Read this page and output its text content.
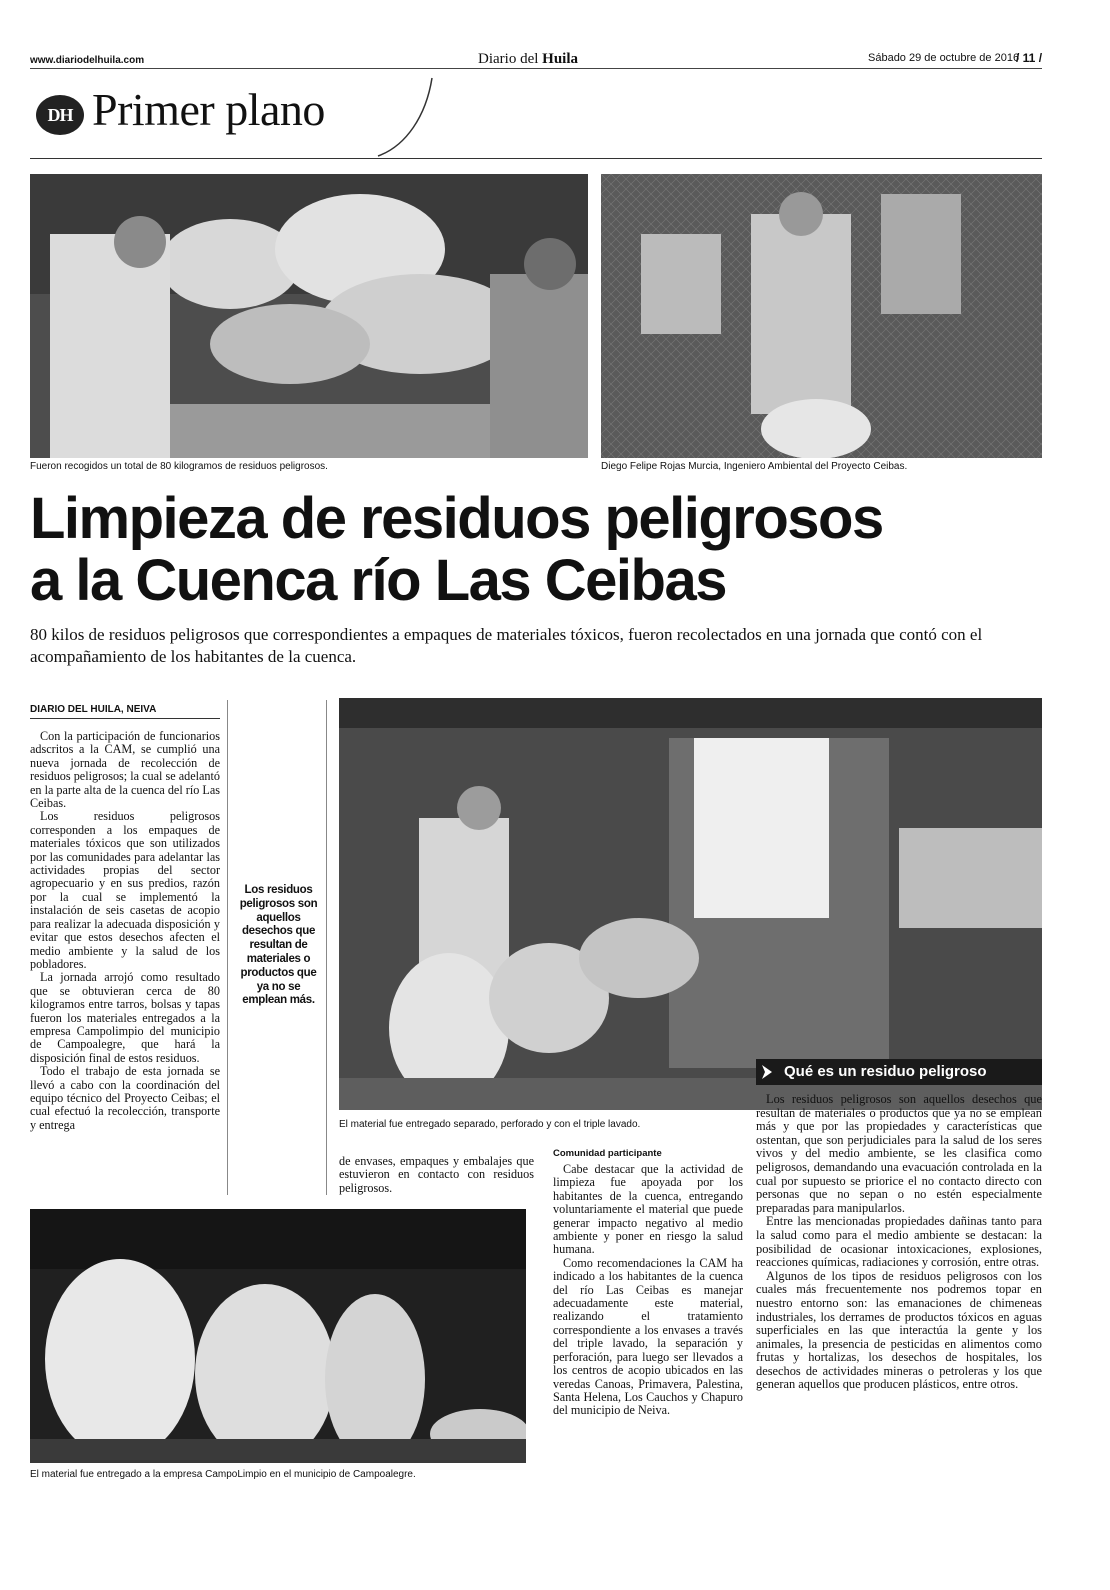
www.diariodelhuila.com	Diario del Huila	Sábado 29 de octubre de 2016
/ 11 /
DH Primer plano
Fueron recogidos un total de 80 kilogramos de residuos peligrosos.	Diego Felipe Rojas Murcia, Ingeniero Ambiental del Proyecto Ceibas.
Limpieza de residuos peligrosos
a la Cuenca río Las Ceibas
80 kilos de residuos peligrosos que correspondientes a empaques de materiales tóxicos, fueron recolectados en una jornada que contó con el acompañamiento de los habitantes de la cuenca.
DIARIO DEL HUILA, NEIVA

Con la participación de funcionarios adscritos a la CAM, se cumplió una nueva jornada de recolección de residuos peligrosos; la cual se adelantó en la parte alta de la cuenca del río Las Ceibas.

Los residuos peligrosos corresponden a los empaques de materiales tóxicos que son utilizados por las comunidades para adelantar las actividades propias del sector agropecuario y en sus predios, razón por la cual se implementó la instalación de seis casetas de acopio para realizar la adecuada disposición y evitar que estos desechos afecten el medio ambiente y la salud de los pobladores.

La jornada arrojó como resultado que se obtuvieran cerca de 80 kilogramos entre tarros, bolsas y tapas fueron los materiales entregados a la empresa Campolimpio del municipio de Campoalegre, que hará la disposición final de estos residuos.

Todo el trabajo de esta jornada se llevó a cabo con la coordinación del equipo técnico del Proyecto Ceibas; el cual efectuó la recolección, transporte y entrega

Los residuos peligrosos son aquellos desechos que resultan de materiales o productos que ya no se emplean más.
El material fue entregado separado, perforado y con el triple lavado.
Qué es un residuo peligroso

Los residuos peligrosos son aquellos desechos que resultan de materiales o productos que ya no se emplean más y que por las propiedades y características que ostentan, que son perjudiciales para la salud de los seres vivos y del medio ambiente, se les clasifica como peligrosos, demandando una evacuación controlada en la cual por supuesto se priorice el no contacto directo con personas que no sepan o no estén especialmente preparadas para manipularlos.

Entre las mencionadas propiedades dañinas tanto para la salud como para el medio ambiente se destacan: la posibilidad de ocasionar intoxicaciones, explosiones, reacciones químicas, radiaciones y corrosión, entre otras.

Algunos de los tipos de residuos peligrosos con los cuales más frecuentemente nos podremos topar en nuestro entorno son: las emanaciones de chimeneas industriales, los derrames de productos tóxicos en aguas superficiales en las que interactúa la gente y los animales, la presencia de pesticidas en alimentos como frutas y hortalizas, los desechos de hospitales, los desechos de actividades mineras o petroleras y los que generan aquellos que producen plásticos, entre otros.

de envases, empaques y embalajes que estuvieron en contacto con residuos peligrosos.

Comunidad participante

Cabe destacar que la actividad de limpieza fue apoyada por los habitantes de la cuenca, entregando voluntariamente el material que puede generar impacto negativo al medio ambiente y poner en riesgo la salud humana.

Como recomendaciones la CAM ha indicado a los habitantes de la cuenca del río Las Ceibas es manejar adecuadamente este material, realizando el tratamiento correspondiente a los envases a través del triple lavado, la separación y perforación, para luego ser llevados a los centros de acopio ubicados en las veredas Canoas, Primavera, Palestina, Santa Helena, Los Cauchos y Chapuro del municipio de Neiva.

El material fue entregado a la empresa CampoLimpio en el municipio de Campoalegre.
